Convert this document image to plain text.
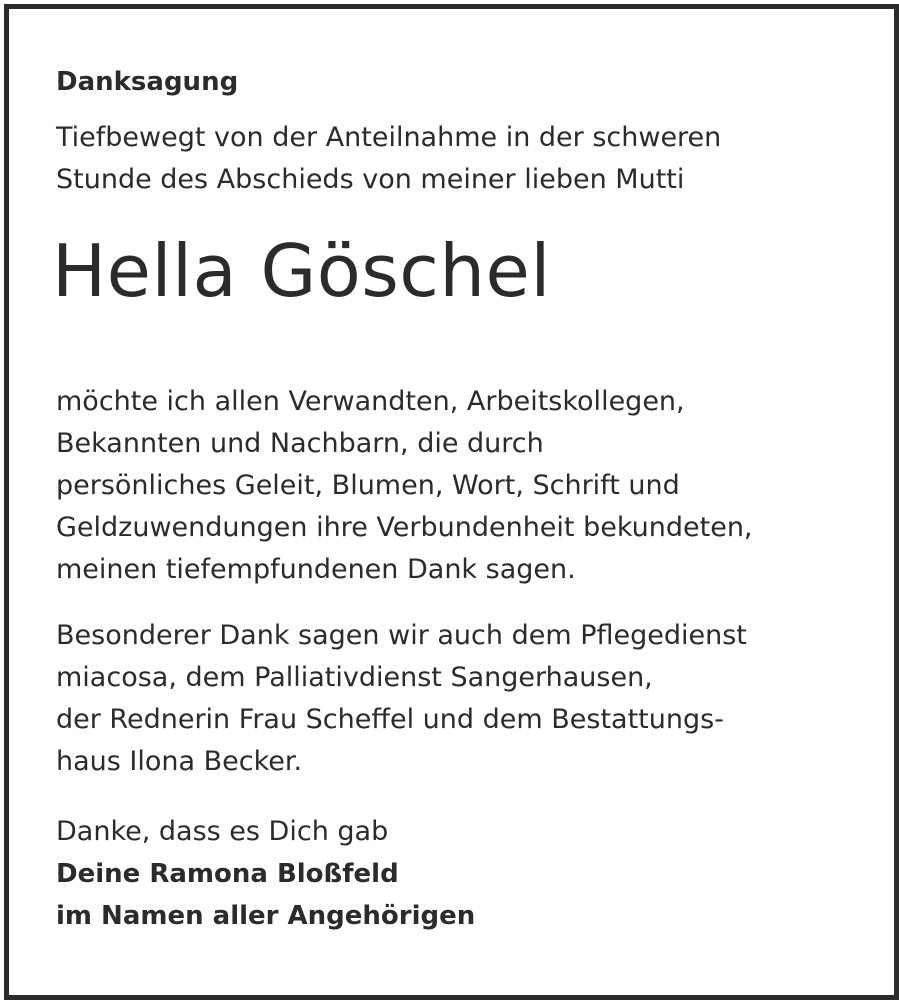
Danksagung

Tiefbewegt von der Anteilnahme in der schweren
Stunde des Abschieds von meiner lieben Mutti
Hella Göschel
möchte ich allen Verwandten, Arbeitskollegen,
Bekannten und Nachbarn, die durch
persönliches Geleit, Blumen, Wort, Schrift und
Geldzuwendungen ihre Verbundenheit bekundeten,
meinen tiefempfundenen Dank sagen.
Besonderer Dank sagen wir auch dem Pflegedienst
miacosa, dem Palliativdienst Sangerhausen,
der Rednerin Frau Scheffel und dem Bestattungs-
haus Ilona Becker.
Danke, dass es Dich gab
Deine Ramona Bloßfeld
im Namen aller Angehörigen
